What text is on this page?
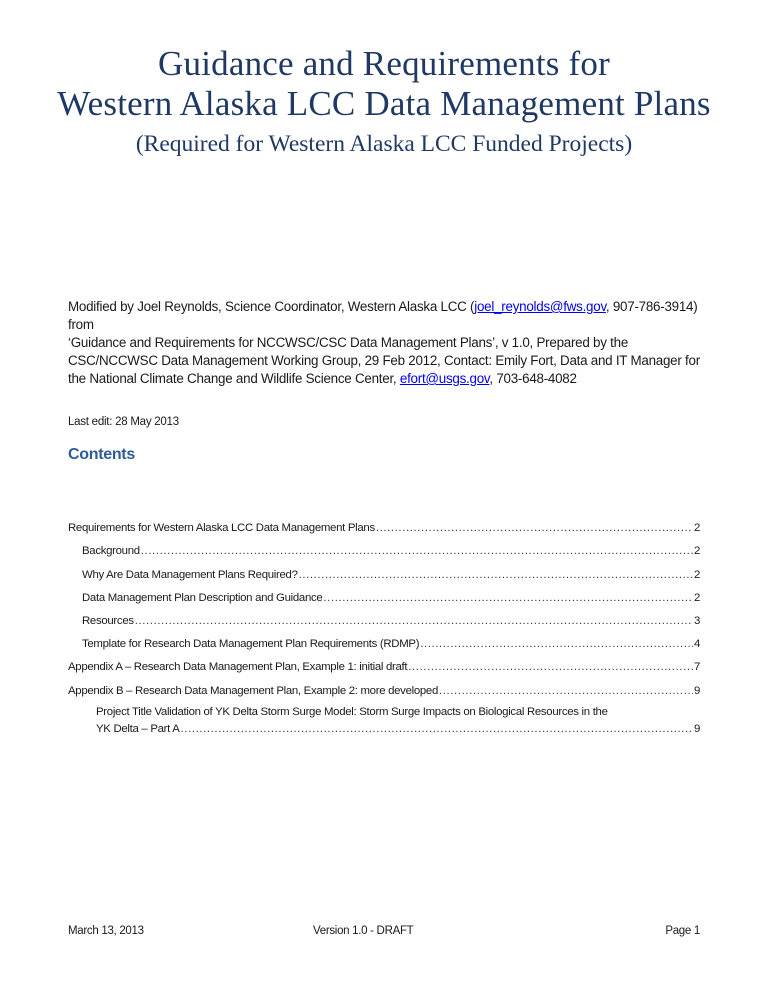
Guidance and Requirements for
Western Alaska LCC Data Management Plans
(Required for Western Alaska LCC Funded Projects)

Modified by Joel Reynolds, Science Coordinator, Western Alaska LCC (joel_reynolds@fws.gov, 907-786-3914) from

‘Guidance and Requirements for NCCWSC/CSC Data Management Plans’, v 1.0, Prepared by the CSC/NCCWSC Data Management Working Group, 29 Feb 2012, Contact: Emily Fort, Data and IT Manager for the National Climate Change and Wildlife Science Center, efort@usgs.gov, 703-648-4082

Last edit: 28 May 2013
Contents
Requirements for Western Alaska LCC Data Management Plans .....	2
Background .....	2
Why Are Data Management Plans Required? .....	2
Data Management Plan Description and Guidance .....	2
Resources .....	3
Template for Research Data Management Plan Requirements (RDMP) .....	4
Appendix A – Research Data Management Plan, Example 1: initial draft .....	7
Appendix B – Research Data Management Plan, Example 2: more developed .....	9
Project Title Validation of YK Delta Storm Surge Model: Storm Surge Impacts on Biological Resources in the
YK Delta – Part A .....	9
March 13, 2013	Version 1.0 - DRAFT	Page 1
